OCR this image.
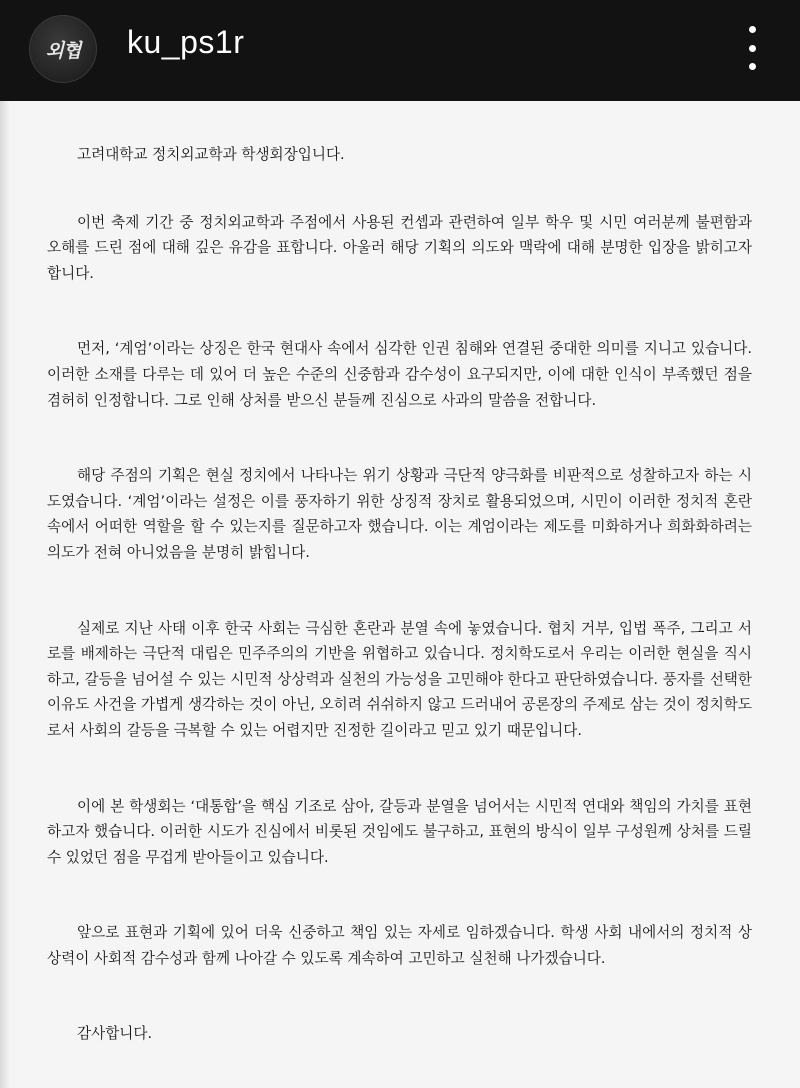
외협 ku_ps1r

고려대학교 정치외교학과 학생회장입니다.

이번 축제 기간 중 정치외교학과 주점에서 사용된 컨셉과 관련하여 일부 학우 및 시민 여러분께 불편함과 오해를 드린 점에 대해 깊은 유감을 표합니다. 아울러 해당 기획의 의도와 맥락에 대해 분명한 입장을 밝히고자 합니다.

먼저, ‘계엄’이라는 상징은 한국 현대사 속에서 심각한 인권 침해와 연결된 중대한 의미를 지니고 있습니다. 이러한 소재를 다루는 데 있어 더 높은 수준의 신중함과 감수성이 요구되지만, 이에 대한 인식이 부족했던 점을 겸허히 인정합니다. 그로 인해 상처를 받으신 분들께 진심으로 사과의 말씀을 전합니다.

해당 주점의 기획은 현실 정치에서 나타나는 위기 상황과 극단적 양극화를 비판적으로 성찰하고자 하는 시도였습니다. ‘계엄’이라는 설정은 이를 풍자하기 위한 상징적 장치로 활용되었으며, 시민이 이러한 정치적 혼란 속에서 어떠한 역할을 할 수 있는지를 질문하고자 했습니다. 이는 계엄이라는 제도를 미화하거나 희화화하려는 의도가 전혀 아니었음을 분명히 밝힙니다.

실제로 지난 사태 이후 한국 사회는 극심한 혼란과 분열 속에 놓였습니다. 협치 거부, 입법 폭주, 그리고 서로를 배제하는 극단적 대립은 민주주의의 기반을 위협하고 있습니다. 정치학도로서 우리는 이러한 현실을 직시하고, 갈등을 넘어설 수 있는 시민적 상상력과 실천의 가능성을 고민해야 한다고 판단하였습니다. 풍자를 선택한 이유도 사건을 가볍게 생각하는 것이 아닌, 오히려 쉬쉬하지 않고 드러내어 공론장의 주제로 삼는 것이 정치학도로서 사회의 갈등을 극복할 수 있는 어렵지만 진정한 길이라고 믿고 있기 때문입니다.

이에 본 학생회는 ‘대통합’을 핵심 기조로 삼아, 갈등과 분열을 넘어서는 시민적 연대와 책임의 가치를 표현하고자 했습니다. 이러한 시도가 진심에서 비롯된 것임에도 불구하고, 표현의 방식이 일부 구성원께 상처를 드릴 수 있었던 점을 무겁게 받아들이고 있습니다.

앞으로 표현과 기획에 있어 더욱 신중하고 책임 있는 자세로 임하겠습니다. 학생 사회 내에서의 정치적 상상력이 사회적 감수성과 함께 나아갈 수 있도록 계속하여 고민하고 실천해 나가겠습니다.

감사합니다.
